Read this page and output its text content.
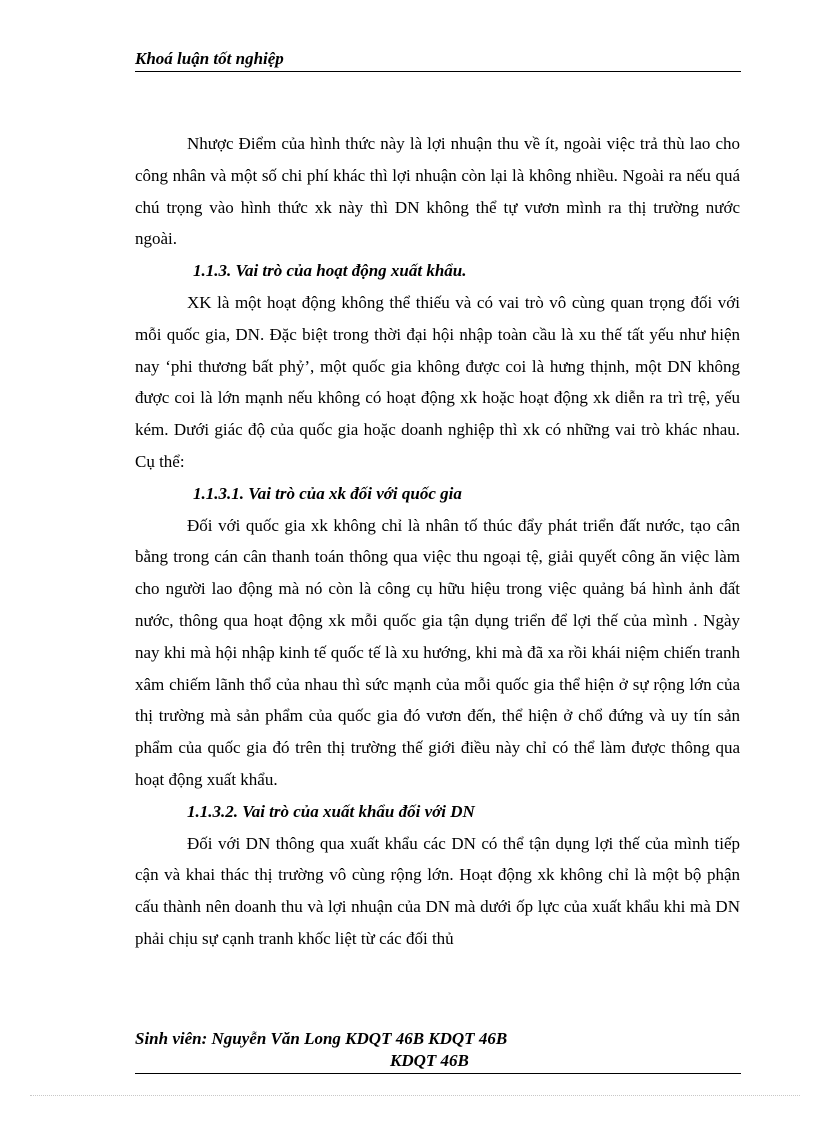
Khoá luận tốt nghiệp

Nhược Điểm của hình thức này là lợi nhuận thu về ít, ngoài việc trả thù lao cho công nhân và một số chi phí khác thì lợi nhuận còn lại là không nhiều. Ngoài ra nếu quá chú trọng vào hình thức xk này thì DN không thể tự vươn mình ra thị trường nước ngoài.

1.1.3. Vai trò của hoạt động xuất khẩu.

XK là một hoạt động không thể thiếu và có vai trò vô cùng quan trọng đối với mỗi quốc gia, DN. Đặc biệt trong thời đại hội nhập toàn cầu là xu thế tất yếu như hiện nay ‘phi thương bất phỷ’, một quốc gia không được coi là hưng thịnh, một DN không được coi là lớn mạnh nếu không có hoạt động xk hoặc hoạt động xk diễn ra trì trệ, yếu kém. Dưới giác độ của quốc gia hoặc doanh nghiệp thì xk có những vai trò khác nhau. Cụ thể:

1.1.3.1. Vai trò của xk đối với quốc gia

Đối với quốc gia xk không chỉ là nhân tố thúc đẩy phát triển đất nước, tạo cân bằng trong cán cân thanh toán thông qua việc thu ngoại tệ, giải quyết công ăn việc làm cho người lao động mà nó còn là công cụ hữu hiệu trong việc quảng bá hình ảnh đất nước, thông qua hoạt động xk mỗi quốc gia tận dụng triển để lợi thế của mình . Ngày nay khi mà hội nhập kinh tế quốc tế là xu hướng, khi mà đã xa rồi khái niệm chiến tranh xâm chiếm lãnh thổ của nhau thì sức mạnh của mỗi quốc gia thể hiện ở sự rộng lớn của thị trường mà sản phẩm của quốc gia đó vươn đến, thể hiện ở chổ đứng và uy tín sản phẩm của quốc gia đó trên thị trường thế giới điều này chỉ có thể làm được thông qua hoạt động xuất khẩu.

1.1.3.2. Vai trò của xuất khẩu đối với DN

Đối với DN thông qua xuất khẩu các DN có thể tận dụng lợi thế của mình tiếp cận và khai thác thị trường vô cùng rộng lớn. Hoạt động xk không chỉ là một bộ phận cấu thành nên doanh thu và lợi nhuận của DN mà dưới ốp lực của xuất khẩu khi mà DN phải chịu sự cạnh tranh khốc liệt từ các đối thủ

Sinh viên: Nguyễn Văn Long KDQT 46B KDQT 46B
KDQT 46B
